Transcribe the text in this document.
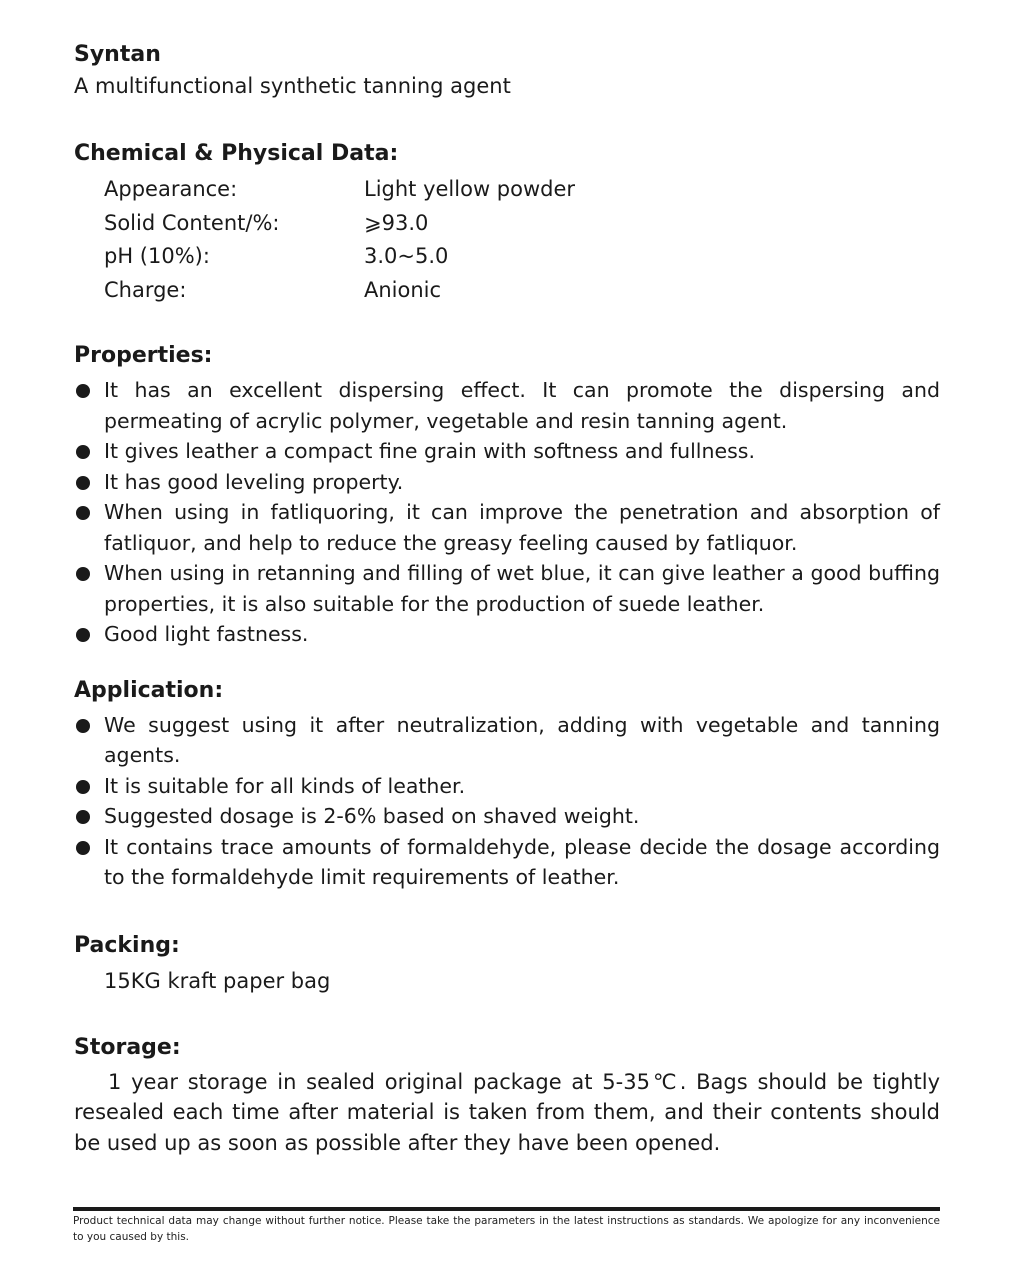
Syntan

A multifunctional synthetic tanning agent

Chemical & Physical Data:
Appearance:	Light yellow powder
Solid Content/%:	⩾93.0
pH (10%):	3.0~5.0
Charge:	Anionic
Properties:
It has an excellent dispersing effect. It can promote the dispersing and permeating of acrylic polymer, vegetable and resin tanning agent.
It gives leather a compact fine grain with softness and fullness.
It has good leveling property.
When using in fatliquoring, it can improve the penetration and absorption of fatliquor, and help to reduce the greasy feeling caused by fatliquor.
When using in retanning and filling of wet blue, it can give leather a good buffing properties, it is also suitable for the production of suede leather.
Good light fastness.
Application:
We suggest using it after neutralization, adding with vegetable and tanning agents.
It is suitable for all kinds of leather.
Suggested dosage is 2-6% based on shaved weight.
It contains trace amounts of formaldehyde, please decide the dosage according to the formaldehyde limit requirements of leather.
Packing:

15KG kraft paper bag

Storage:

1 year storage in sealed original package at 5-35℃. Bags should be tightly resealed each time after material is taken from them, and their contents should be used up as soon as possible after they have been opened.

Product technical data may change without further notice. Please take the parameters in the latest instructions as standards. We apologize for any inconvenience to you caused by this.
